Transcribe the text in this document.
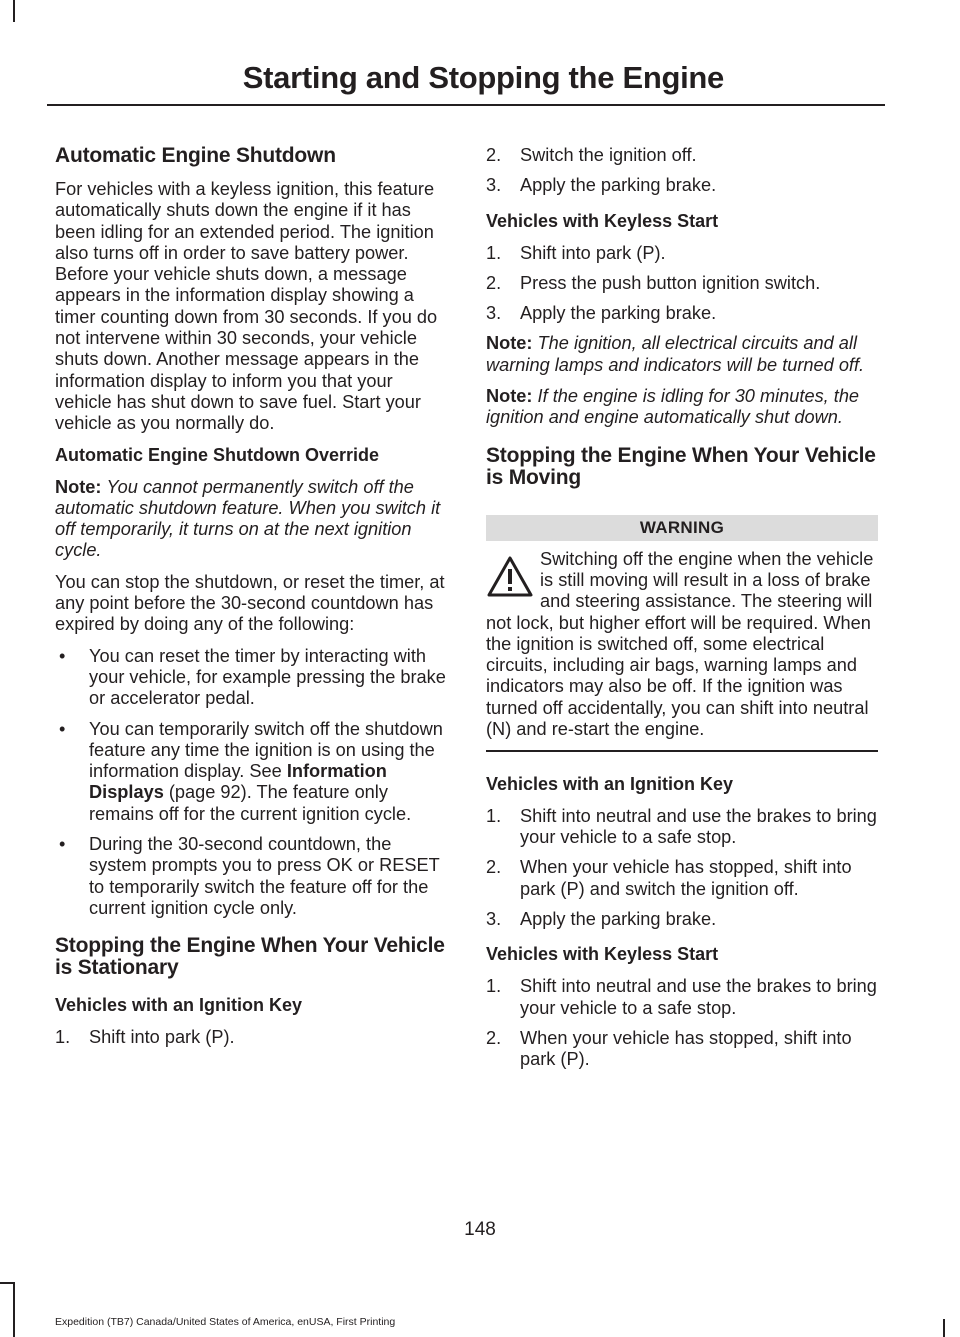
Starting and Stopping the Engine
Automatic Engine Shutdown

For vehicles with a keyless ignition, this feature automatically shuts down the engine if it has been idling for an extended period. The ignition also turns off in order to save battery power. Before your vehicle shuts down, a message appears in the information display showing a timer counting down from 30 seconds. If you do not intervene within 30 seconds, your vehicle shuts down. Another message appears in the information display to inform you that your vehicle has shut down to save fuel. Start your vehicle as you normally do.

Automatic Engine Shutdown Override

Note: You cannot permanently switch off the automatic shutdown feature. When you switch it off temporarily, it turns on at the next ignition cycle.

You can stop the shutdown, or reset the timer, at any point before the 30-second countdown has expired by doing any of the following:

• You can reset the timer by interacting with your vehicle, for example pressing the brake or accelerator pedal.
• You can temporarily switch off the shutdown feature any time the ignition is on using the information display. See Information Displays (page 92). The feature only remains off for the current ignition cycle.
• During the 30-second countdown, the system prompts you to press OK or RESET to temporarily switch the feature off for the current ignition cycle only.
Stopping the Engine When Your Vehicle is Stationary
Vehicles with an Ignition Key
1. Shift into park (P).
2. Switch the ignition off.
3. Apply the parking brake.
Vehicles with Keyless Start
1. Shift into park (P).
2. Press the push button ignition switch.
3. Apply the parking brake.

Note: The ignition, all electrical circuits and all warning lamps and indicators will be turned off.

Note: If the engine is idling for 30 minutes, the ignition and engine automatically shut down.

Stopping the Engine When Your Vehicle is Moving
WARNING
Switching off the engine when the vehicle is still moving will result in a loss of brake and steering assistance. The steering will not lock, but higher effort will be required. When the ignition is switched off, some electrical circuits, including air bags, warning lamps and indicators may also be off. If the ignition was turned off accidentally, you can shift into neutral (N) and re-start the engine.
Vehicles with an Ignition Key
1. Shift into neutral and use the brakes to bring your vehicle to a safe stop.
2. When your vehicle has stopped, shift into park (P) and switch the ignition off.
3. Apply the parking brake.
Vehicles with Keyless Start
1. Shift into neutral and use the brakes to bring your vehicle to a safe stop.
2. When your vehicle has stopped, shift into park (P).
148
Expedition (TB7) Canada/United States of America, enUSA, First Printing
